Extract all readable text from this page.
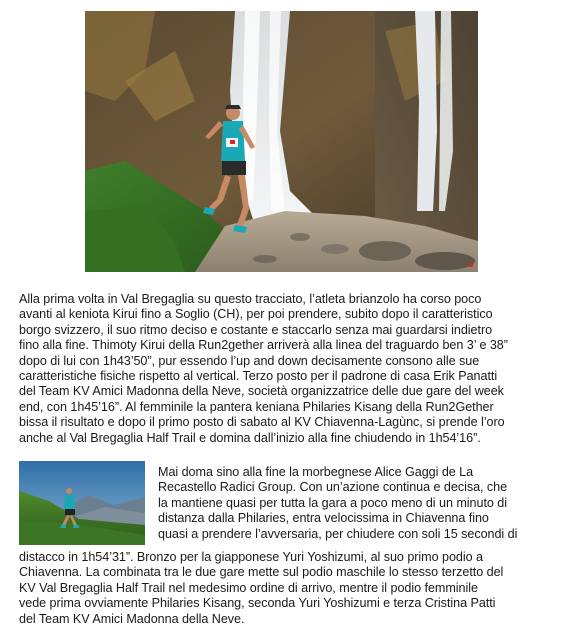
Alla prima volta in Val Bregaglia su questo tracciato, l’atleta brianzolo ha corso poco
avanti al keniota Kirui fino a Soglio (CH), per poi prendere, subito dopo il caratteristico
borgo svizzero, il suo ritmo deciso e costante e staccarlo senza mai guardarsi indietro
fino alla fine. Thimoty Kirui della Run2gether arriverà alla linea del traguardo ben 3’ e 38”
dopo di lui con 1h43’50”, pur essendo l’up and down decisamente consono alle sue
caratteristiche fisiche rispetto al vertical. Terzo posto per il padrone di casa Erik Panatti
del Team KV Amici Madonna della Neve, società organizzatrice delle due gare del week
end, con 1h45’16”. Al femminile la pantera keniana Philaries Kisang della Run2Gether
bissa il risultato e dopo il primo posto di sabato al KV Chiavenna-Lagùnc, si prende l’oro
anche al Val Bregaglia Half Trail e domina dall’inizio alla fine chiudendo in 1h54’16”.

Mai doma sino alla fine la morbegnese Alice Gaggi de La
Recastello Radici Group. Con un’azione continua e decisa, che
la mantiene quasi per tutta la gara a poco meno di un minuto di
distanza dalla Philaries, entra velocissima in Chiavenna fino
quasi a prendere l’avversaria, per chiudere con soli 15 secondi di

distacco in 1h54’31”. Bronzo per la giapponese Yuri Yoshizumi, al suo primo podio a
Chiavenna. La combinata tra le due gare mette sul podio maschile lo stesso terzetto del
KV Val Bregaglia Half Trail nel medesimo ordine di arrivo, mentre il podio femminile
vede prima ovviamente Philaries Kisang, seconda Yuri Yoshizumi e terza Cristina Patti
del Team KV Amici Madonna della Neve.
